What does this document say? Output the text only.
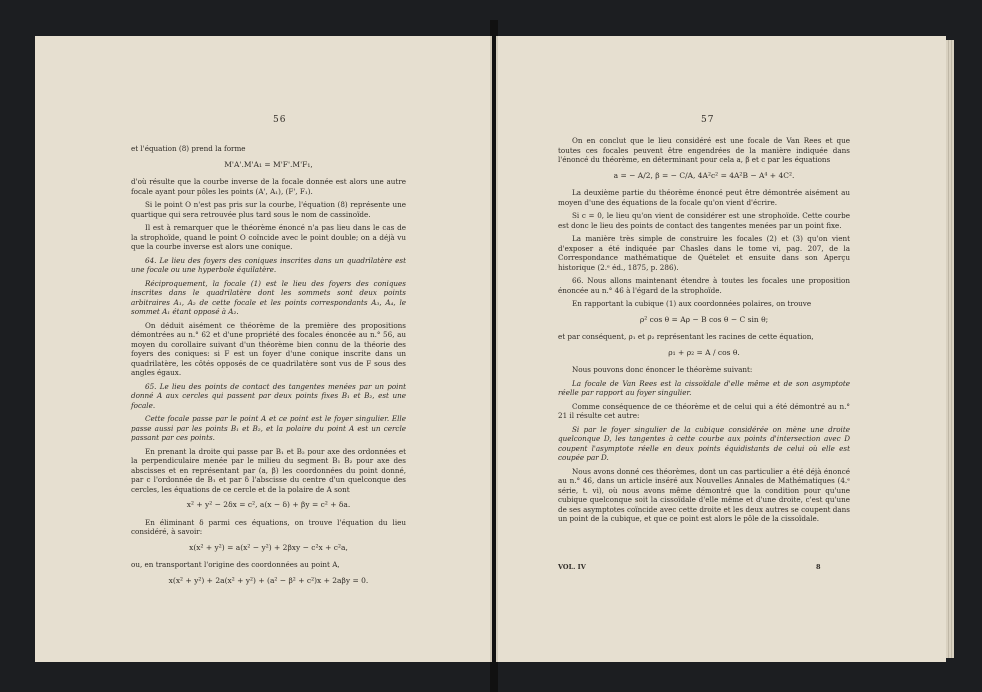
56

et l'équation (8) prend la forme

M'A'.M'A₁ = M'F'.M'F₁,

d'où résulte que la courbe inverse de la focale donnée est alors une autre focale ayant pour pôles les points (A', A₁), (F', F₁).

Si le point O n'est pas pris sur la courbe, l'équation (8) représente une quartique qui sera retrouvée plus tard sous le nom de cassinoïde.

Il est à remarquer que le théorème énoncé n'a pas lieu dans le cas de la strophoïde, quand le point O coïncide avec le point double; on a déjà vu que la courbe inverse est alors une conique.

64. Le lieu des foyers des coniques inscrites dans un quadrilatère est une focale ou une hyperbole équilatère.

Réciproquement, la focale (1) est le lieu des foyers des coniques inscrites dans le quadrilatère dont les sommets sont deux points arbitraires A₁, A₂ de cette focale et les points correspondants A₃, A₄, le sommet A₁ étant opposé à A₂.

On déduit aisément ce théorème de la première des propositions démontrées au n.° 62 et d'une propriété des focales énoncée au n.° 56, au moyen du corollaire suivant d'un théorème bien connu de la théorie des foyers des coniques: si F est un foyer d'une conique inscrite dans un quadrilatère, les côtés opposés de ce quadrilatère sont vus de F sous des angles égaux.

65. Le lieu des points de contact des tangentes menées par un point donné A aux cercles qui passent par deux points fixes B₁ et B₂, est une focale.

Cette focale passe par le point A et ce point est le foyer singulier. Elle passe aussi par les points B₁ et B₂, et la polaire du point A est un cercle passant par ces points.

En prenant la droite qui passe par B₁ et B₂ pour axe des ordonnées et la perpendiculaire menée par le milieu du segment B₁ B₂ pour axe des abscisses et en représentant par (a, β) les coordonnées du point donné, par c l'ordonnée de B₁ et par δ l'abscisse du centre d'un quelconque des cercles, les équations de ce cercle et de la polaire de A sont

x² + y² − 2δx = c², a(x − δ) + βy = c² + δa.

En éliminant δ parmi ces équations, on trouve l'équation du lieu considéré, à savoir:

x(x² + y²) = a(x² − y²) + 2βxy − c²x + c²a,

ou, en transportant l'origine des coordonnées au point A,

x(x² + y²) + 2a(x² + y²) + (a² − β² + c²)x + 2aβy = 0.

57

On en conclut que le lieu considéré est une focale de Van Rees et que toutes ces focales peuvent être engendrées de la manière indiquée dans l'énoncé du théorème, en déterminant pour cela a, β et c par les équations

a = − A/2, β = − C/A, 4A²c² = 4A²B − A⁴ + 4C².

La deuxième partie du théorème énoncé peut être démontrée aisément au moyen d'une des équations de la focale qu'on vient d'écrire.

Si c = 0, le lieu qu'on vient de considérer est une strophoïde. Cette courbe est donc le lieu des points de contact des tangentes menées par un point fixe.

La manière très simple de construire les focales (2) et (3) qu'on vient d'exposer a été indiquée par Chasles dans le tome vi, pag. 207, de la Correspondance mathématique de Quételet et ensuite dans son Aperçu historique (2.ᵉ éd., 1875, p. 286).

66. Nous allons maintenant étendre à toutes les focales une proposition énoncée au n.° 46 à l'égard de la strophoïde.

En rapportant la cubique (1) aux coordonnées polaires, on trouve

ρ² cos θ = Aρ − B cos θ − C sin θ;

et par conséquent, ρ₁ et ρ₂ représentant les racines de cette équation,

ρ₁ + ρ₂ = A / cos θ.

Nous pouvons donc énoncer le théorème suivant:

La focale de Van Rees est la cissoïdale d'elle même et de son asymptote réelle par rapport au foyer singulier.

Comme conséquence de ce théorème et de celui qui a été démontré au n.° 21 il résulte cet autre:

Si par le foyer singulier de la cubique considérée on mène une droite quelconque D, les tangentes à cette courbe aux points d'intersection avec D coupent l'asymptote réelle en deux points équidistants de celui où elle est coupée par D.

Nous avons donné ces théorèmes, dont un cas particulier a été déjà énoncé au n.° 46, dans un article inséré aux Nouvelles Annales de Mathématiques (4.ᵉ série, t. vi), où nous avons même démontré que la condition pour qu'une cubique quelconque soit la cissoïdale d'elle même et d'une droite, c'est qu'une de ses asymptotes coïncide avec cette droite et les deux autres se coupent dans un point de la cubique, et que ce point est alors le pôle de la cissoïdale.

VOL. IV	8
